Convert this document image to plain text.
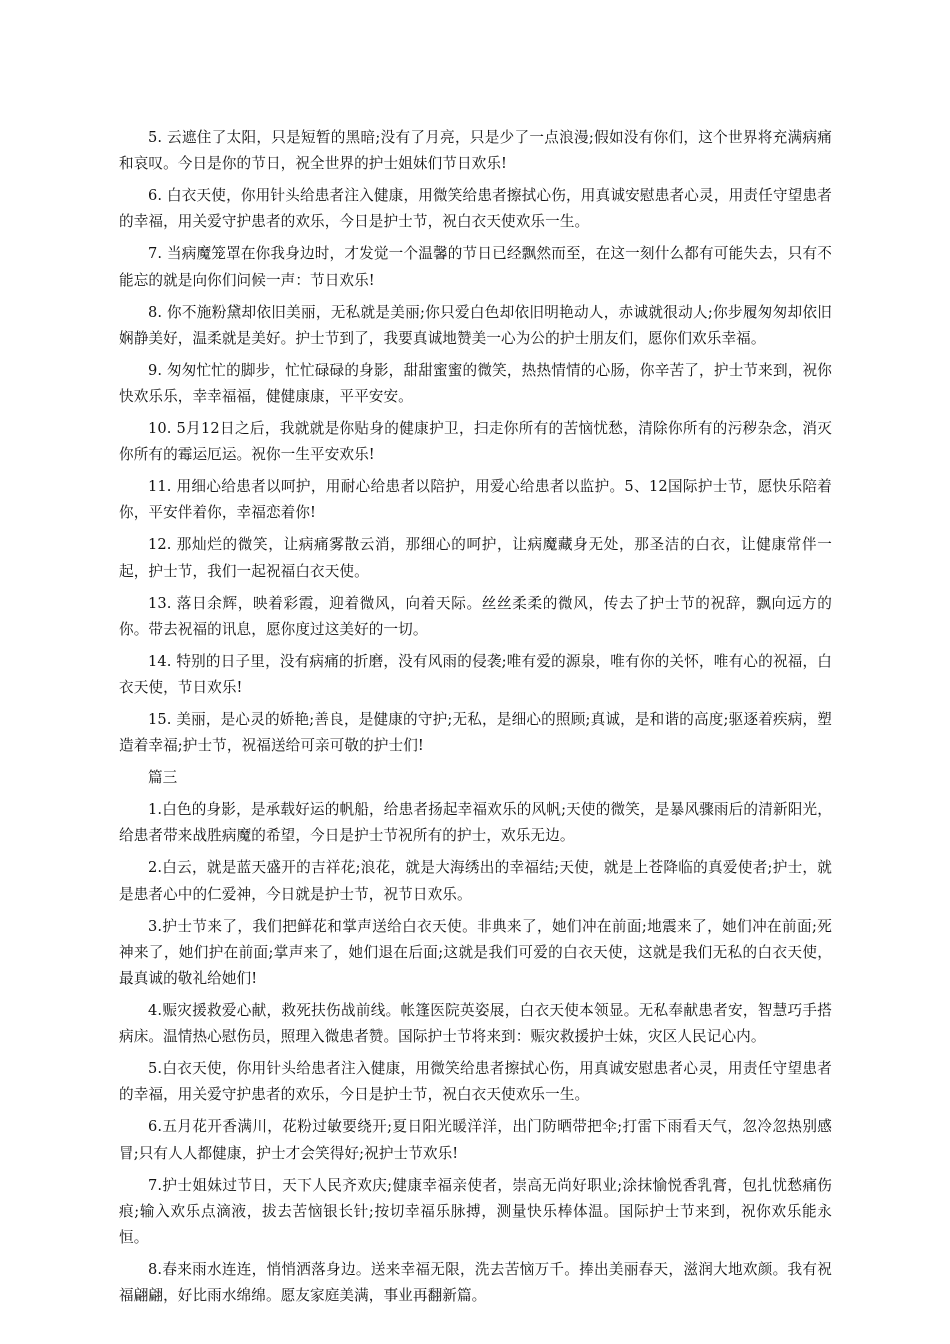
5. 云遮住了太阳，只是短暂的黑暗;没有了月亮，只是少了一点浪漫;假如没有你们，这个世界将充满病痛和哀叹。今日是你的节日，祝全世界的护士姐妹们节日欢乐!

6. 白衣天使，你用针头给患者注入健康，用微笑给患者擦拭心伤，用真诚安慰患者心灵，用责任守望患者的幸福，用关爱守护患者的欢乐，今日是护士节，祝白衣天使欢乐一生。

7. 当病魔笼罩在你我身边时，才发觉一个温馨的节日已经飘然而至，在这一刻什么都有可能失去，只有不能忘的就是向你们问候一声：节日欢乐!

8. 你不施粉黛却依旧美丽，无私就是美丽;你只爱白色却依旧明艳动人，赤诚就很动人;你步履匆匆却依旧娴静美好，温柔就是美好。护士节到了，我要真诚地赞美一心为公的护士朋友们，愿你们欢乐幸福。

9. 匆匆忙忙的脚步，忙忙碌碌的身影，甜甜蜜蜜的微笑，热热情情的心肠，你辛苦了，护士节来到，祝你快欢乐乐，幸幸福福，健健康康，平平安安。

10. 5月12日之后，我就就是你贴身的健康护卫，扫走你所有的苦恼忧愁，清除你所有的污秽杂念，消灭你所有的霉运厄运。祝你一生平安欢乐!

11. 用细心给患者以呵护，用耐心给患者以陪护，用爱心给患者以监护。5、12国际护士节，愿快乐陪着你，平安伴着你，幸福恋着你!

12. 那灿烂的微笑，让病痛雾散云消，那细心的呵护，让病魔藏身无处，那圣洁的白衣，让健康常伴一起，护士节，我们一起祝福白衣天使。

13. 落日余辉，映着彩霞，迎着微风，向着天际。丝丝柔柔的微风，传去了护士节的祝辞，飘向远方的你。带去祝福的讯息，愿你度过这美好的一切。

14. 特别的日子里，没有病痛的折磨，没有风雨的侵袭;唯有爱的源泉，唯有你的关怀，唯有心的祝福，白衣天使，节日欢乐!

15. 美丽，是心灵的娇艳;善良，是健康的守护;无私，是细心的照顾;真诚，是和谐的高度;驱逐着疾病，塑造着幸福;护士节，祝福送给可亲可敬的护士们!

篇三

1.白色的身影，是承载好运的帆船，给患者扬起幸福欢乐的风帆;天使的微笑，是暴风骤雨后的清新阳光，给患者带来战胜病魔的希望，今日是护士节祝所有的护士，欢乐无边。

2.白云，就是蓝天盛开的吉祥花;浪花，就是大海绣出的幸福结;天使，就是上苍降临的真爱使者;护士，就是患者心中的仁爱神，今日就是护士节，祝节日欢乐。

3.护士节来了，我们把鲜花和掌声送给白衣天使。非典来了，她们冲在前面;地震来了，她们冲在前面;死神来了，她们护在前面;掌声来了，她们退在后面;这就是我们可爱的白衣天使，这就是我们无私的白衣天使，最真诚的敬礼给她们!

4.赈灾援救爱心献，救死扶伤战前线。帐篷医院英姿展，白衣天使本领显。无私奉献患者安，智慧巧手搭病床。温情热心慰伤员，照理入微患者赞。国际护士节将来到：赈灾救援护士妹，灾区人民记心内。

5.白衣天使，你用针头给患者注入健康，用微笑给患者擦拭心伤，用真诚安慰患者心灵，用责任守望患者的幸福，用关爱守护患者的欢乐，今日是护士节，祝白衣天使欢乐一生。

6.五月花开香满川，花粉过敏要绕开;夏日阳光暖洋洋，出门防晒带把伞;打雷下雨看天气，忽冷忽热别感冒;只有人人都健康，护士才会笑得好;祝护士节欢乐!

7.护士姐妹过节日，天下人民齐欢庆;健康幸福亲使者，崇高无尚好职业;涂抹愉悦香乳膏，包扎忧愁痛伤痕;输入欢乐点滴液，拔去苦恼银长针;按切幸福乐脉搏，测量快乐棒体温。国际护士节来到，祝你欢乐能永恒。

8.春来雨水连连，悄悄洒落身边。送来幸福无限，洗去苦恼万千。捧出美丽春天，滋润大地欢颜。我有祝福翩翩，好比雨水绵绵。愿友家庭美满，事业再翻新篇。
